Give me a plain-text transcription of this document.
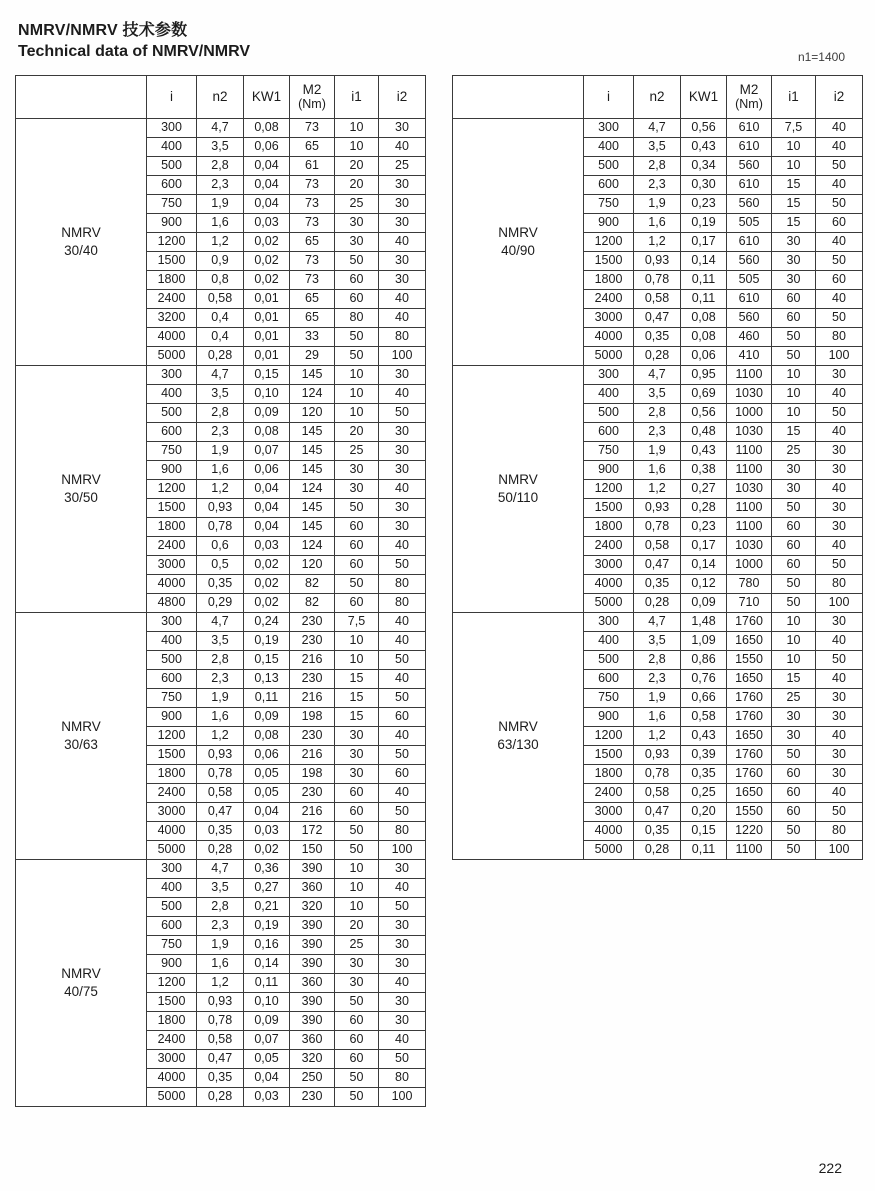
NMRV/NMRV 技术参数
Technical data of NMRV/NMRV	n1=1400
	i	n2	KW1	M2
(Nm)	i1	i2

NMRV
30/40	300	4,7	0,08	73	10	30
	400	3,5	0,06	65	10	40
	500	2,8	0,04	61	20	25
	600	2,3	0,04	73	20	30
	750	1,9	0,04	73	25	30
	900	1,6	0,03	73	30	30
	1200	1,2	0,02	65	30	40
	1500	0,9	0,02	73	50	30
	1800	0,8	0,02	73	60	30
	2400	0,58	0,01	65	60	40
	3200	0,4	0,01	65	80	40
	4000	0,4	0,01	33	50	80
	5000	0,28	0,01	29	50	100

NMRV
30/50	300	4,7	0,15	145	10	30
	400	3,5	0,10	124	10	40
	500	2,8	0,09	120	10	50
	600	2,3	0,08	145	20	30
	750	1,9	0,07	145	25	30
	900	1,6	0,06	145	30	30
	1200	1,2	0,04	124	30	40
	1500	0,93	0,04	145	50	30
	1800	0,78	0,04	145	60	30
	2400	0,6	0,03	124	60	40
	3000	0,5	0,02	120	60	50
	4000	0,35	0,02	82	50	80
	4800	0,29	0,02	82	60	80

NMRV
30/63	300	4,7	0,24	230	7,5	40
	400	3,5	0,19	230	10	40
	500	2,8	0,15	216	10	50
	600	2,3	0,13	230	15	40
	750	1,9	0,11	216	15	50
	900	1,6	0,09	198	15	60
	1200	1,2	0,08	230	30	40
	1500	0,93	0,06	216	30	50
	1800	0,78	0,05	198	30	60
	2400	0,58	0,05	230	60	40
	3000	0,47	0,04	216	60	50
	4000	0,35	0,03	172	50	80
	5000	0,28	0,02	150	50	100

NMRV
40/75	300	4,7	0,36	390	10	30
	400	3,5	0,27	360	10	40
	500	2,8	0,21	320	10	50
	600	2,3	0,19	390	20	30
	750	1,9	0,16	390	25	30
	900	1,6	0,14	390	30	30
	1200	1,2	0,11	360	30	40
	1500	0,93	0,10	390	50	30
	1800	0,78	0,09	390	60	30
	2400	0,58	0,07	360	60	40
	3000	0,47	0,05	320	60	50
	4000	0,35	0,04	250	50	80
	5000	0,28	0,03	230	50	100
	i	n2	KW1	M2
(Nm)	i1	i2

NMRV
40/90	300	4,7	0,56	610	7,5	40
	400	3,5	0,43	610	10	40
	500	2,8	0,34	560	10	50
	600	2,3	0,30	610	15	40
	750	1,9	0,23	560	15	50
	900	1,6	0,19	505	15	60
	1200	1,2	0,17	610	30	40
	1500	0,93	0,14	560	30	50
	1800	0,78	0,11	505	30	60
	2400	0,58	0,11	610	60	40
	3000	0,47	0,08	560	60	50
	4000	0,35	0,08	460	50	80
	5000	0,28	0,06	410	50	100

NMRV
50/110	300	4,7	0,95	1100	10	30
	400	3,5	0,69	1030	10	40
	500	2,8	0,56	1000	10	50
	600	2,3	0,48	1030	15	40
	750	1,9	0,43	1100	25	30
	900	1,6	0,38	1100	30	30
	1200	1,2	0,27	1030	30	40
	1500	0,93	0,28	1100	50	30
	1800	0,78	0,23	1100	60	30
	2400	0,58	0,17	1030	60	40
	3000	0,47	0,14	1000	60	50
	4000	0,35	0,12	780	50	80
	5000	0,28	0,09	710	50	100

NMRV
63/130	300	4,7	1,48	1760	10	30
	400	3,5	1,09	1650	10	40
	500	2,8	0,86	1550	10	50
	600	2,3	0,76	1650	15	40
	750	1,9	0,66	1760	25	30
	900	1,6	0,58	1760	30	30
	1200	1,2	0,43	1650	30	40
	1500	0,93	0,39	1760	50	30
	1800	0,78	0,35	1760	60	30
	2400	0,58	0,25	1650	60	40
	3000	0,47	0,20	1550	60	50
	4000	0,35	0,15	1220	50	80
	5000	0,28	0,11	1100	50	100
222
